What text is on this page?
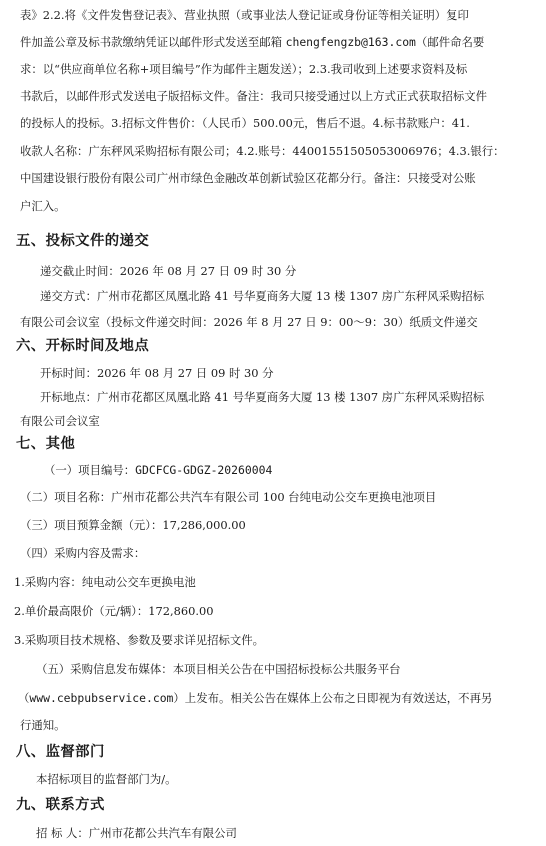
表》2.2.将《文件发售登记表》、营业执照（或事业法人登记证或身份证等相关证明）复印
件加盖公章及标书款缴纳凭证以邮件形式发送至邮箱 chengfengzb@163.com（邮件命名要
求：以“供应商单位名称+项目编号”作为邮件主题发送）；2.3.我司收到上述要求资料及标
书款后，以邮件形式发送电子版招标文件。备注：我司只接受通过以上方式正式获取招标文件
的投标人的投标。3.招标文件售价：（人民币）500.00元，售后不退。4.标书款账户：41.
收款人名称：广东秤风采购招标有限公司；4.2.账号：44001551505053006976；4.3.银行：
中国建设银行股份有限公司广州市绿色金融改革创新试验区花都分行。备注：只接受对公账
户汇入。
五、投标文件的递交
递交截止时间：2026 年 08 月 27 日 09 时 30 分
递交方式：广州市花都区凤凰北路 41 号华夏商务大厦 13 楼 1307 房广东秤风采购招标
有限公司会议室（投标文件递交时间：2026 年 8 月 27 日 9：00～9：30）纸质文件递交
六、开标时间及地点
开标时间：2026 年 08 月 27 日 09 时 30 分
开标地点：广州市花都区凤凰北路 41 号华夏商务大厦 13 楼 1307 房广东秤风采购招标
有限公司会议室
七、其他
（一）项目编号：GDCFCG-GDGZ-20260004
（二）项目名称：广州市花都公共汽车有限公司 100 台纯电动公交车更换电池项目
（三）项目预算金额（元）：17,286,000.00
（四）采购内容及需求：
1.采购内容：纯电动公交车更换电池
2.单价最高限价（元/辆）：172,860.00
3.采购项目技术规格、参数及要求详见招标文件。
（五）采购信息发布媒体：本项目相关公告在中国招标投标公共服务平台
（www.cebpubservice.com）上发布。相关公告在媒体上公布之日即视为有效送达，不再另
行通知。
八、监督部门
本招标项目的监督部门为/。
九、联系方式
招 标 人：广州市花都公共汽车有限公司
